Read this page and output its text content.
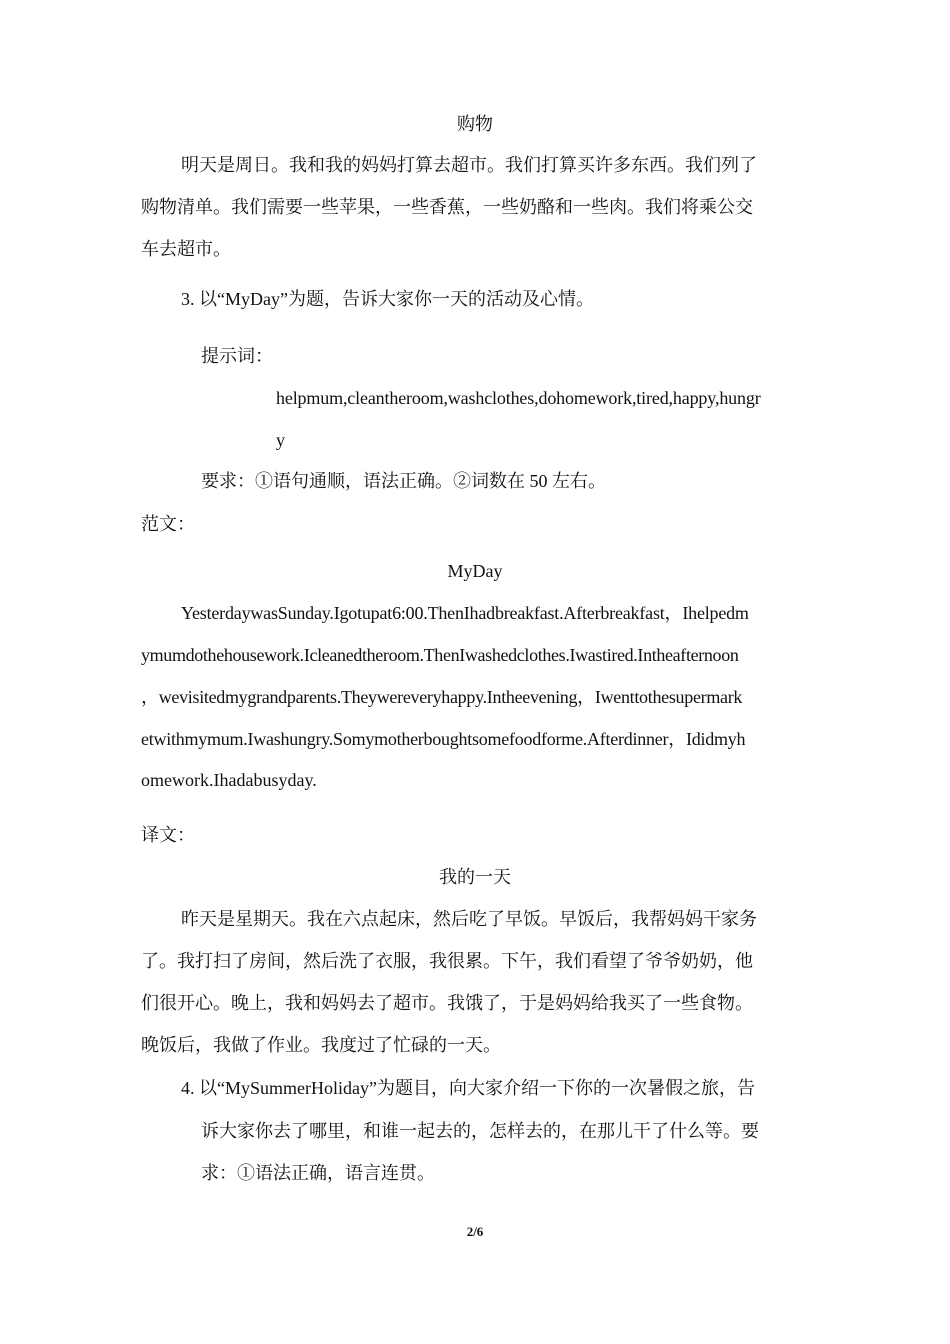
购物
明天是周日。我和我的妈妈打算去超市。我们打算买许多东西。我们列了
购物清单。我们需要一些苹果，一些香蕉，一些奶酪和一些肉。我们将乘公交
车去超市。
3. 以“MyDay”为题，告诉大家你一天的活动及心情。
提示词：
helpmum,cleantheroom,washclothes,dohomework,tired,happy,hungr
y
要求：①语句通顺，语法正确。②词数在 50 左右。
范文：
MyDay
YesterdaywasSunday.Igotupat6:00.ThenIhadbreakfast.Afterbreakfast，Ihelpedm
ymumdothehousework.Icleanedtheroom.ThenIwashedclothes.Iwastired.Intheafternoon
，wevisitedmygrandparents.Theywereveryhappy.Intheevening，Iwenttothesupermark
etwithmymum.Iwashungry.Somymotherboughtsomefoodforme.Afterdinner，Ididmyh
omework.Ihadabusyday.
译文：
我的一天
昨天是星期天。我在六点起床，然后吃了早饭。早饭后，我帮妈妈干家务
了。我打扫了房间，然后洗了衣服，我很累。下午，我们看望了爷爷奶奶，他
们很开心。晚上，我和妈妈去了超市。我饿了，于是妈妈给我买了一些食物。
晚饭后，我做了作业。我度过了忙碌的一天。
4. 以“MySummerHoliday”为题目，向大家介绍一下你的一次暑假之旅，告
诉大家你去了哪里，和谁一起去的，怎样去的，在那儿干了什么等。要
求：①语法正确，语言连贯。
2/6
